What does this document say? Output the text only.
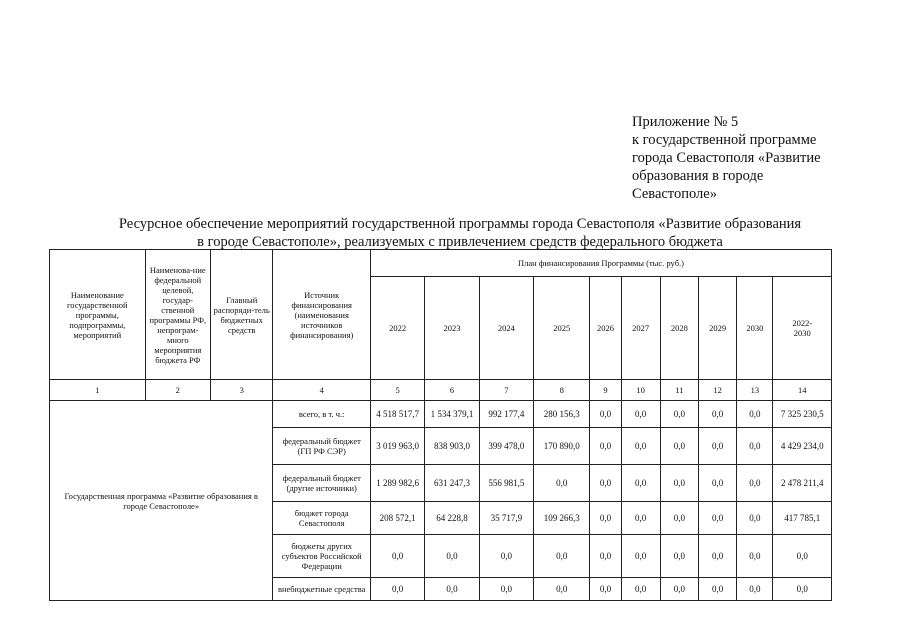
Приложение № 5
к государственной программе
города Севастополя «Развитие
образования в городе
Севастополе»
Ресурсное обеспечение мероприятий государственной программы города Севастополя «Развитие образования
в городе Севастополе», реализуемых с привлечением средств федерального бюджета
Наименование государственной программы, подпрограммы, мероприятий	Наименова-ние федеральной целевой, государ-ственной программы РФ, непрограм-много мероприятия бюджета РФ	Главный распоряди-тель бюджетных средств	Источник финансирования (наименования источников финансирования)	План финансирования Программы (тыс. руб.)									
				2022	2023	2024	2025	2026	2027	2028	2029	2030	2022-
2030
1	2	3	4	5	6	7	8	9	10	11	12	13	14
Государственная программа «Развитие образования в городе Севастополе»			всего, в т. ч.:	4 518 517,7	1 534 379,1	992 177,4	280 156,3	0,0	0,0	0,0	0,0	0,0	7 325 230,5
			федеральный бюджет (ГП РФ СЭР)	3 019 963,0	838 903,0	399 478,0	170 890,0	0,0	0,0	0,0	0,0	0,0	4 429 234,0
			федеральный бюджет (другие источники)	1 289 982,6	631 247,3	556 981,5	0,0	0,0	0,0	0,0	0,0	0,0	2 478 211,4
			бюджет города Севастополя	208 572,1	64 228,8	35 717,9	109 266,3	0,0	0,0	0,0	0,0	0,0	417 785,1
			бюджеты других субъектов Российской Федерации	0,0	0,0	0,0	0,0	0,0	0,0	0,0	0,0	0,0	0,0
			внебюджетные средства	0,0	0,0	0,0	0,0	0,0	0,0	0,0	0,0	0,0	0,0
